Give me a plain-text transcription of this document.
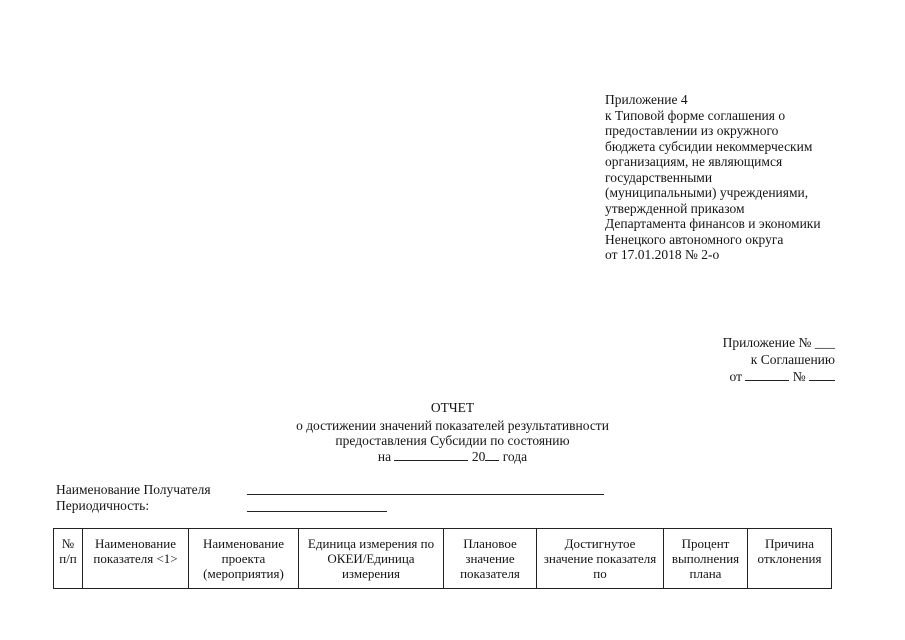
Приложение 4
к Типовой форме соглашения о
предоставлении из окружного
бюджета субсидии некоммерческим
организациям, не являющимся
государственными
(муниципальными) учреждениями,
утвержденной приказом
Департамента финансов и экономики
Ненецкого автономного округа
от 17.01.2018 № 2-о
Приложение № ___
к Соглашению
от	№
ОТЧЕТ
о достижении значений показателей результативности
предоставления Субсидии по состоянию
на	20 года
Наименование Получателя
Периодичность:
№ п/п	Наименование показателя <1>	Наименование проекта (мероприятия)	Единица измерения по ОКЕИ/Единица измерения	Плановое значение показателя	Достигнутое значение показателя по	Процент выполнения плана	Причина отклонения
